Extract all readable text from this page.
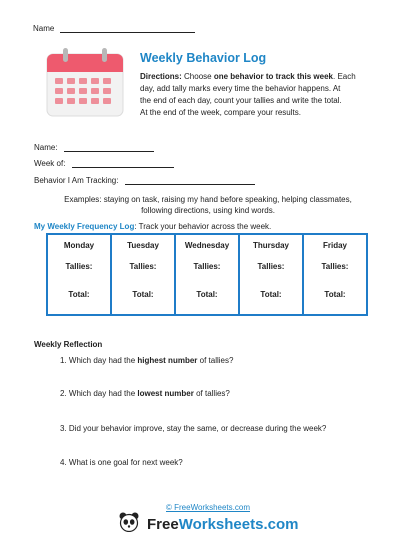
Name
Weekly Behavior Log
Directions: Choose one behavior to track this week. Each
day, add tally marks every time the behavior happens. At
the end of each day, count your tallies and write the total.
At the end of the week, compare your results.
Name:
Week of:
Behavior I Am Tracking:
Examples: staying on task, raising my hand before speaking, helping classmates,
following directions, using kind words.
My Weekly Frequency Log: Track your behavior across the week.
Monday
Tallies:
Total:
Tuesday
Tallies:
Total:
Wednesday
Tallies:
Total:
Thursday
Tallies:
Total:
Friday
Tallies:
Total:
Weekly Reflection
1. Which day had the highest number of tallies?
2. Which day had the lowest number of tallies?
3. Did your behavior improve, stay the same, or decrease during the week?
4. What is one goal for next week?
© FreeWorksheets.com
FreeWorksheets.com
